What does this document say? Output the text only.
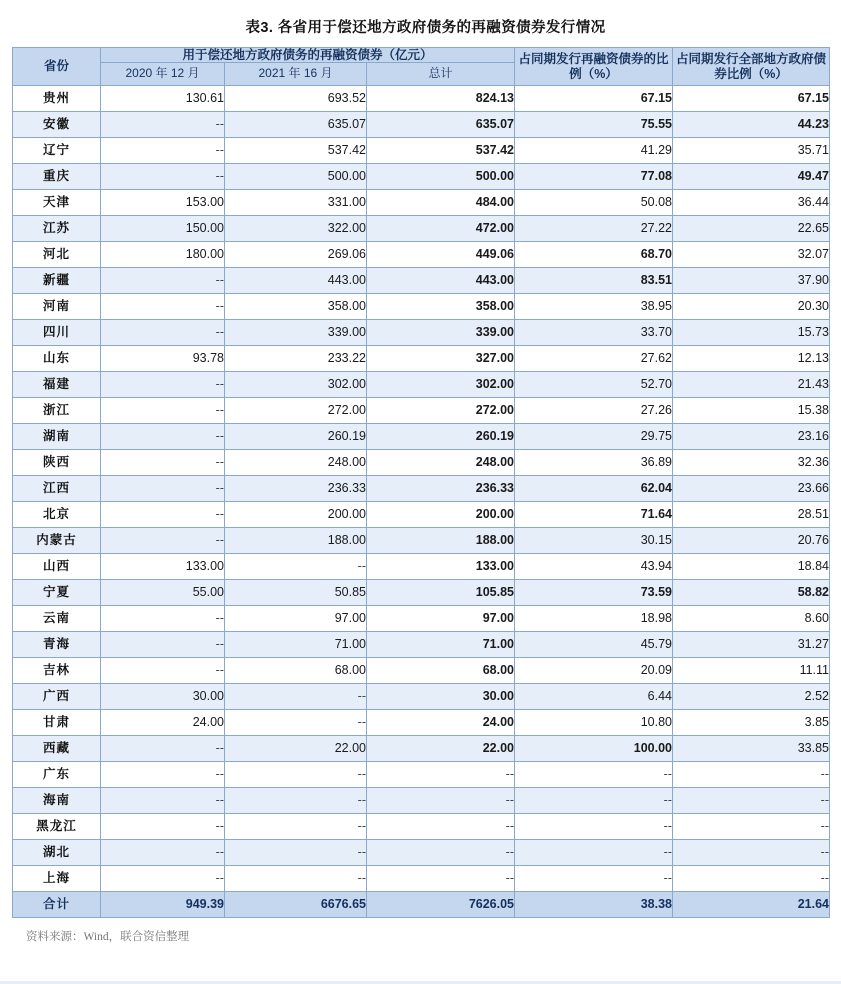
表3. 各省用于偿还地方政府债务的再融资债券发行情况
省份	用于偿还地方政府债务的再融资债券（亿元）			占同期发行再融资债券的比例（%）	占同期发行全部地方政府债券比例（%）
	2020 年 12 月	2021 年 16 月	总计		
贵州	130.61	693.52	824.13	67.15	67.15
安徽	--	635.07	635.07	75.55	44.23
辽宁	--	537.42	537.42	41.29	35.71
重庆	--	500.00	500.00	77.08	49.47
天津	153.00	331.00	484.00	50.08	36.44
江苏	150.00	322.00	472.00	27.22	22.65
河北	180.00	269.06	449.06	68.70	32.07
新疆	--	443.00	443.00	83.51	37.90
河南	--	358.00	358.00	38.95	20.30
四川	--	339.00	339.00	33.70	15.73
山东	93.78	233.22	327.00	27.62	12.13
福建	--	302.00	302.00	52.70	21.43
浙江	--	272.00	272.00	27.26	15.38
湖南	--	260.19	260.19	29.75	23.16
陕西	--	248.00	248.00	36.89	32.36
江西	--	236.33	236.33	62.04	23.66
北京	--	200.00	200.00	71.64	28.51
内蒙古	--	188.00	188.00	30.15	20.76
山西	133.00	--	133.00	43.94	18.84
宁夏	55.00	50.85	105.85	73.59	58.82
云南	--	97.00	97.00	18.98	8.60
青海	--	71.00	71.00	45.79	31.27
吉林	--	68.00	68.00	20.09	11.11
广西	30.00	--	30.00	6.44	2.52
甘肃	24.00	--	24.00	10.80	3.85
西藏	--	22.00	22.00	100.00	33.85
广东	--	--	--	--	--
海南	--	--	--	--	--
黑龙江	--	--	--	--	--
湖北	--	--	--	--	--
上海	--	--	--	--	--
合计	949.39	6676.65	7626.05	38.38	21.64
资料来源：Wind，联合资信整理
